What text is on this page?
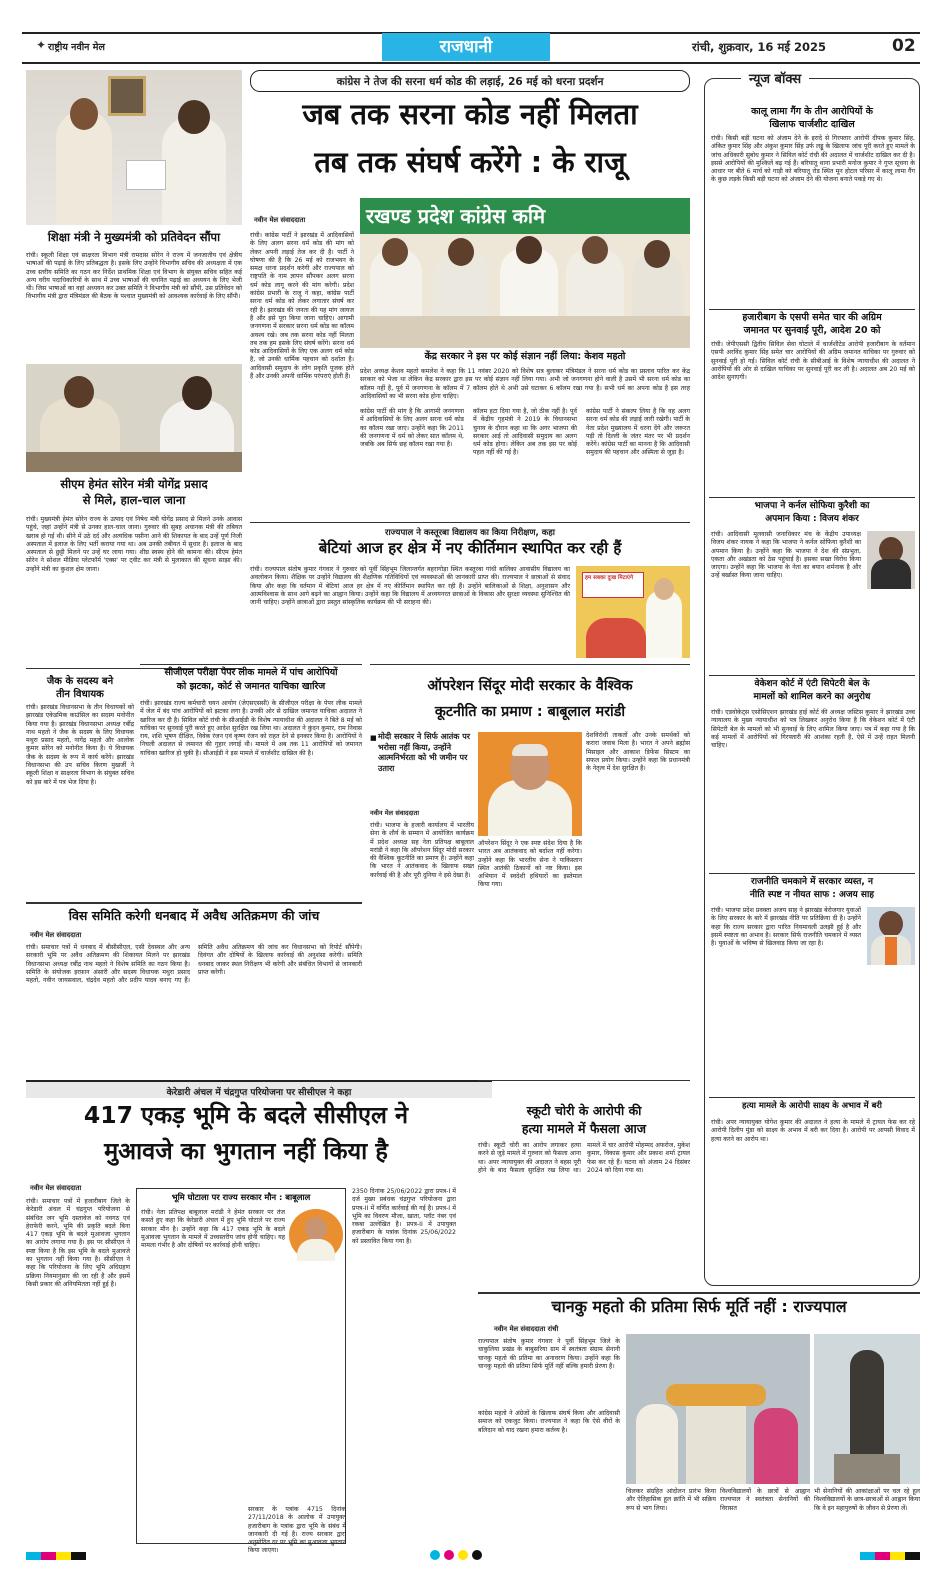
✦ राष्ट्रीय नवीन मेल	राजधानी	रांची, शुक्रवार, 16 मई 2025	02
शिक्षा मंत्री ने मुख्यमंत्री को प्रतिवेदन सौंपा
रांची। स्कूली शिक्षा एवं साक्षरता विभाग मंत्री रामदास सोरेन ने राज्य में जनजातीय एवं क्षेत्रीय भाषाओं की पढ़ाई के लिए प्रतिबद्धता है। इसके लिए उन्होंने विभागीय सचिव की अध्यक्षता में एक उच्च स्तरीय समिति का गठन कर निर्देश प्राथमिक शिक्षा एवं विभाग के संयुक्त सचिव सहित कई अन्य वरीय पदाधिकारियों के साथ में उच्च भाषाओं की चयनित पढ़ाई का अध्ययन के लिए भेजी थी। जिस भाषाओं का वहां अध्ययन कर उक्त समिति ने विभागीय मंत्री को सौंपी, उस प्रतिवेदन को विभागीय मंत्री द्वारा मंत्रिमंडल की बैठक के पश्चात मुख्यमंत्री को आवश्यक कार्रवाई के लिए सौंपी।
सीएम हेमंत सोरेन मंत्री योगेंद्र प्रसाद
से मिले, हाल-चाल जाना
रांची। मुख्यमंत्री हेमंत सोरेन राज्य के उत्पाद एवं निषेध मंत्री योगेंद्र प्रसाद से मिलने उनके आवास पहुंचे, जहां उन्होंने मंत्री से उनका हाल-चाल जाना। गुरुवार की सुबह अचानक मंत्री की तबियत खराब हो गई थी। सीने में उठे दर्द और अत्यधिक पसीना आने की शिकायत के बाद उन्हें पूर्ण निजी अस्पताल में इलाज के लिए भर्ती कराया गया था। अब उनकी तबीयत में सुधार है। इलाज के बाद अस्पताल से छुट्टी मिलने पर उन्हें घर लाया गया। शीघ्र स्वस्थ होने की कामना की। सीएम हेमंत सोरेन ने सोशल मीडिया प्लेटफॉर्म 'एक्स' पर ट्वीट कर मंत्री से मुलाकात की सूचना साझा की। उन्होंने मंत्री का कुशल क्षेम जाना।
जैक के सदस्य बने
तीन विधायक
रांची। झारखंड विधानसभा के तीन विधायकों को झारखंड एकेडमिक काउंसिल का सदस्य मनोनीत किया गया है। झारखंड विधानसभा अध्यक्ष रबींद्र नाथ महतो ने जैक के सदस्य के लिए विधायक मथुरा प्रसाद महतो, नागेंद्र महतो और आलोक कुमार सोरेन को मनोनीत किया है। ये विधायक जैक के सदस्य के रूप में कार्य करेंगे। झारखंड विधानसभा की उप सचिव किरण मुखर्जी ने स्कूली शिक्षा व साक्षरता विभाग के संयुक्त सचिव को इस बारे में पत्र भेज दिया है।
कांग्रेस ने तेज की सरना धर्म कोड की लड़ाई, 26 मई को धरना प्रदर्शन
जब तक सरना कोड नहीं मिलता
तब तक संघर्ष करेंगे : के राजू
नवीन मेल संवाददाता
रांची। कांग्रेस पार्टी ने झारखंड में आदिवासियों के लिए अलग सरना धर्म कोड की मांग को लेकर अपनी लड़ाई तेज कर दी है। पार्टी ने घोषणा की है कि 26 मई को राजभवन के समक्ष धरना प्रदर्शन करेगी और राज्यपाल को राष्ट्रपति के नाम ज्ञापन सौंपकर अलग सरना धर्म कोड लागू करने की मांग करेगी। प्रदेश कांग्रेस प्रभारी के राजू ने कहा, कांग्रेस पार्टी सरना धर्म कोड को लेकर लगातार संघर्ष कर रही है। झारखंड की जनता की यह मांग जायज है और इसे पूरा किया जाना चाहिए। आगामी जनगणना में सरकार सरना धर्म कोड का कॉलम अवश्य रखे। जब तक सरना कोड नहीं मिलता तब तक हम इसके लिए संघर्ष करेंगे। सरना धर्म कोड आदिवासियों के लिए एक अलग धर्म कोड है, जो उनकी धार्मिक पहचान को दर्शाता है। आदिवासी समुदाय के लोग प्रकृति पूजक होते हैं और उनकी अपनी धार्मिक परंपराएं होती हैं।
रखण्ड प्रदेश कांग्रेस कमि
केंद्र सरकार ने इस पर कोई संज्ञान नहीं लिया: केशव महतो
प्रदेश अध्यक्ष केशव महतो कमलेश ने कहा कि 11 नवंबर 2020 को विशेष सत्र बुलाकर मंत्रिमंडल ने सरना धर्म कोड का प्रस्ताव पारित कर केंद्र सरकार को भेजा था लेकिन केंद्र सरकार द्वारा इस पर कोई संज्ञान नहीं लिया गया। अभी जो जनगणना होने वाली है उसमें भी सरना धर्म कोड का कॉलम नहीं है, पूर्व में जनगणना के कॉलम में 7 कॉलम होते थे अभी उसे घटाकर 6 कॉलम रखा गया है। सभी धर्म का अपना कोड है इस तरह आदिवासियों का भी सरना कोड होना चाहिए।
कांग्रेस पार्टी की मांग है कि आगामी जनगणना में आदिवासियों के लिए अलग सरना धर्म कोड का कॉलम रखा जाए। उन्होंने कहा कि 2011 की जनगणना में धर्म को लेकर सात कॉलम थे, जबकि अब सिर्फ छह कॉलम रखा गया है।
कॉलम हटा दिया गया है, जो ठीक नहीं है। पूर्व में केंद्रीय गृहमंत्री ने 2019 के विधानसभा चुनाव के दौरान कहा था कि अगर भाजपा की सरकार आई तो आदिवासी समुदाय का अलग धर्म कोड होगा। लेकिन अब तक इस पर कोई पहल नहीं की गई है।
कांग्रेस पार्टी ने संकल्प लिया है कि वह अलग सरना धर्म कोड की लड़ाई जारी रखेगी। पार्टी के नेता प्रदेश मुख्यालय में धरना देंगे और जरूरत पड़ी तो दिल्ली के जंतर मंतर पर भी प्रदर्शन करेंगे। कांग्रेस पार्टी का मानना है कि आदिवासी समुदाय की पहचान और अस्मिता से जुड़ा है।
राज्यपाल ने कस्तूरबा विद्यालय का किया निरीक्षण, कहा
बेटियां आज हर क्षेत्र में नए कीर्तिमान स्थापित कर रही हैं
रांची। राज्यपाल संतोष कुमार गंगवार ने गुरुवार को पूर्वी सिंहभूम जिलान्तर्गत बहरागोड़ा स्थित कस्तूरबा गांधी बालिका आवासीय विद्यालय का अवलोकन किया। शैक्षिक पर उन्होंने विद्यालय की शैक्षणिक गतिविधियों एवं व्यवस्थाओं की जानकारी प्राप्त की। राज्यपाल ने छात्राओं से संवाद किया और कहा कि वर्तमान में बेटियां आज हर क्षेत्र में नए कीर्तिमान स्थापित कर रही हैं। उन्होंने बालिकाओं से शिक्षा, अनुशासन और आत्मविश्वास के साथ आगे बढ़ने का आह्वान किया। उन्होंने कहा कि विद्यालय में अध्ययनरत छात्राओं के विकास और सुरक्षा व्यवस्था सुनिश्चित की जानी चाहिए। उन्होंने छात्राओं द्वारा प्रस्तुत सांस्कृतिक कार्यक्रम की भी सराहना की।
हम सबका दुःख मिटाएंगे
सीजीएल परीक्षा पेपर लीक मामले में पांच आरोपियों
को झटका, कोर्ट से जमानत याचिका खारिज
रांची। झारखंड राज्य कर्मचारी चयन आयोग (जेएसएससी) के सीजीएल परीक्षा के पेपर लीक मामले में जेल में बंद पांच आरोपियों को झटका लगा है। उनकी ओर से दाखिल जमानत याचिका अदालत ने खारिज कर दी है। सिविल कोर्ट रांची के सीआईडी के विशेष न्यायाधीश की अदालत ने बिते 8 मई को याचिका पर सुनवाई पूरी करते हुए आदेश सुरक्षित रख लिया था। अदालत ने कुंदन कुमार, राम निवास राय, शशि भूषण दीक्षित, विवेक रंजन एवं कृष्ण रंजन को राहत देने से इनकार किया है। आरोपियों ने निचली अदालत से जमानत की गुहार लगाई थी। मामले में अब तक 11 आरोपियों को जमानत याचिका खारिज हो चुकी है। सीआईडी ने इस मामले में चार्जशीट दाखिल की है।
विस समिति करेगी धनबाद में अवैध अतिक्रमण की जांच
नवीन मेल संवाददाता
रांची। समाचार पत्रों में धनबाद में बीसीसीएल, एसी देवस्थल और अन्य सरकारी भूमि पर अवैध अतिक्रमण की शिकायत मिलने पर झारखंड विधानसभा अध्यक्ष रबींद्र नाथ महतो ने विशेष समिति का गठन किया है। समिति के संयोजक इरफ़ान अंसारी और सदस्य विधायक मथुरा प्रसाद महतो, नवीन जायसवाल, चंद्रदेव महतो और प्रदीप यादव बनाए गए हैं। समिति अवैध अतिक्रमण की जांच कर विधानसभा को रिपोर्ट सौंपेगी। दिवंगत और दोषियों के खिलाफ कार्रवाई की अनुशंसा करेगी। समिति धनबाद जाकर स्थल निरीक्षण भी करेगी और संबंधित विभागों से जानकारी प्राप्त करेगी।
ऑपरेशन सिंदूर मोदी सरकार के वैश्विक
कूटनीति का प्रमाण : बाबूलाल मरांडी
■ मोदी सरकार ने सिर्फ आतंक पर भरोसा नहीं किया, उन्होंने आत्मनिर्भरता को भी जमीन पर उतारा
नवीन मेल संवाददाता
रांची। भाजपा के हजारी कार्यालय में भारतीय सेना के शौर्य के सम्मान में आयोजित कार्यक्रम में प्रदेश अध्यक्ष सह नेता प्रतिपक्ष बाबूलाल मरांडी ने कहा कि ऑपरेशन सिंदूर मोदी सरकार की वैश्विक कूटनीति का प्रमाण है। उन्होंने कहा कि भारत ने आतंकवाद के खिलाफ सख्त कार्रवाई की है और पूरी दुनिया ने इसे देखा है।
ऑपरेशन सिंदूर ने एक स्पष्ट संदेश दिया है कि भारत अब आतंकवाद को बर्दाश्त नहीं करेगा। उन्होंने कहा कि भारतीय सेना ने पाकिस्तान स्थित आतंकी ठिकानों को नष्ट किया। इस अभियान में स्वदेशी हथियारों का इस्तेमाल किया गया।
देशविरोधी ताकतों और उनके समर्थकों को करारा जवाब मिला है। भारत ने अपने ब्रह्मोस मिसाइल और आकाश डिफेंस सिस्टम का सफल प्रयोग किया। उन्होंने कहा कि प्रधानमंत्री के नेतृत्व में देश सुरक्षित है।
केरेडारी अंचल में चंद्रगुप्त परियोजना पर सीसीएल ने कहा
417 एकड़ भूमि के बदले सीसीएल ने
मुआवजे का भुगतान नहीं किया है
नवीन मेल संवाददाता
रांची। समाचार पत्रों में हजारीबाग जिले के केरेडारी अंचल में चंद्रगुप्त परियोजना से संबंधित जन भूमि दस्तावेज को नवगठ एवं हेराफेरी करने, भूमि की प्रकृति बदले बिना 417 एकड़ भूमि के बदले मुआवजा भुगतान का आरोप लगाया गया है। इस पर सीसीएल ने स्पष्ट किया है कि इस भूमि के बदले मुआवजे का भुगतान नहीं किया गया है। सीसीएल ने कहा कि परियोजना के लिए भूमि अधिग्रहण प्रक्रिया नियमानुसार की जा रही है और इसमें किसी प्रकार की अनियमितता नहीं हुई है।
भूमि घोटाला पर राज्य सरकार मौन : बाबूलाल
रांची। नेता प्रतिपक्ष बाबूलाल मरांडी ने हेमंत सरकार पर तंज कसते हुए कहा कि केरेडारी अंचल में हुए भूमि घोटाले पर राज्य सरकार मौन है। उन्होंने कहा कि 417 एकड़ भूमि के बदले मुआवजा भुगतान के मामले में उच्चस्तरीय जांच होनी चाहिए। यह मामला गंभीर है और दोषियों पर कार्रवाई होनी चाहिए।
2350 दिनांक 25/06/2022 द्वारा प्रपत्र-I में दर्ज मुख्य प्रबंधक चंद्रगुप्त परियोजना द्वारा प्रपत्र-II में वर्णित कार्रवाई की गई है। प्रपत्र-I में भूमि का विवरण मौजा, खाता, प्लॉट नंबर एवं रकबा उल्लेखित है। प्रपत्र-II में उपायुक्त हजारीबाग के पत्रांक दिनांक 25/06/2022 को प्रस्तावित किया गया है।
सरकार के पत्रांक 4715 दिनांक 27/11/2018 के आलोक में उपायुक्त हजारीबाग के पत्रांक द्वारा भूमि के संबंध में जानकारी दी गई है। राज्य सरकार द्वारा अनुमोदित दर पर भूमि का मुआवजा भुगतान किया जाएगा।
स्कूटी चोरी के आरोपी की
हत्या मामले में फैसला आज
रांची। स्कूटी चोरी का आरोप लगाकर हत्या करने से जुड़े मामले में गुरुवार को फैसला आना था। अपर न्यायायुक्त की अदालत ने बहस पूरी होने के बाद फैसला सुरक्षित रख लिया था। मामले में चार आरोपी मोहम्मद अफरोज, मुकेश कुमार, विकास कुमार और प्रकाश शर्मा ट्रायल फेस कर रहे हैं। घटना को अंजाम 24 दिसंबर 2024 को दिया गया था।
चानकु महतो की प्रतिमा सिर्फ मूर्ति नहीं : राज्यपाल
नवीन मेल संवाददाता रांची
राज्यपाल संतोष कुमार गंगवार ने पूर्वी सिंहभूम जिले के चाकुलिया प्रखंड के बाबुसरिया ग्राम में स्वतंत्रता संग्राम सेनानी चानकु महतो की प्रतिमा का अनावरण किया। उन्होंने कहा कि चानकु महतो की प्रतिमा सिर्फ मूर्ति नहीं बल्कि हमारी प्रेरणा है।
कांग्रेस महतो ने अंग्रेजों के खिलाफ संघर्ष किया और आदिवासी समाज को एकजुट किया। राज्यपाल ने कहा कि ऐसे वीरों के बलिदान को याद रखना हमारा कर्तव्य है।
चिलकर संग्रहित आंदोलन प्रारंभ किया और ऐतिहासिक हूल क्रांति में भी सक्रिय रूप से भाग लिया।
विश्वविद्यालयों के छात्रों से आह्वान राज्यपाल ने स्वतंत्रता सेनानियों की विरासत
भी सेनानियों की आकांक्षाओं पर चल रहे हूल विश्वविद्यालयों के छात्र-छात्राओं से आह्वान किया कि वे इन महापुरुषों के जीवन से प्रेरणा लें।
न्यूज बॉक्स
कालू लामा गैंग के तीन आरोपियों के
खिलाफ चार्जशीट दाखिल
रांची। किसी बड़ी घटना को अंजाम देने के इरादे से गिरफ्तार आरोपी दीपक कुमार सिंह, अंकित कुमार सिंह और अंकुश कुमार सिंह उर्फ लड्डू के खिलाफ जांच पूरी करते हुए मामले के जांच अधिकारी सुबोध कुमार ने सिविल कोर्ट रांची की अदालत में चार्जशीट दाखिल कर दी है। इससे आरोपियों की मुश्किलें बढ़ गई हैं। बरियातू थाना प्रभारी मनोज कुमार ने गुप्त सूचना के आधार पर बीते 6 मार्च को गाड़ी को बरियातू रोड स्थित मून होटल परिसर में कालू लामा गैंग के कुछ लड़के किसी बड़ी घटना को अंजाम देने की योजना बनाते पकड़े गए थे।
हजारीबाग के एसपी समेत चार की अग्रिम
जमानत पर सुनवाई पूरी, आदेश 20 को
रांची। जेपीएससी द्वितीय सिविल सेवा घोटाले में चार्जशीटेड आरोपी हजारीबाग के वर्तमान एसपी अरविंद कुमार सिंह समेत चार आरोपियों की अग्रिम जमानत याचिका पर गुरुवार को सुनवाई पूरी हो गई। सिविल कोर्ट रांची के सीबीआई के विशेष न्यायाधीश की अदालत ने आरोपियों की ओर से दाखिल याचिका पर सुनवाई पूरी कर ली है। अदालत अब 20 मई को आदेश सुनाएगी।
भाजपा ने कर्नल सोफिया कुरैशी का
अपमान किया : विजय शंकर
रांची। आदिवासी मूलवासी जनाधिकार मंच के केंद्रीय उपाध्यक्ष विजय शंकर नायक ने कहा कि भाजपा ने कर्नल सोफिया कुरैशी का अपमान किया है। उन्होंने कहा कि भाजपा ने देश की संप्रभुता, एकता और अखंडता को ठेस पहुंचाई है। इसका सख्त विरोध किया जाएगा। उन्होंने कहा कि भाजपा के नेता का बयान शर्मनाक है और उन्हें बर्खास्त किया जाना चाहिए।
वेकेशन कोर्ट में एंटी सिपेटरी बेल के
मामलों को शामिल करने का अनुरोध
रांची। एडवोकेट्स एसोसिएशन झारखंड हाई कोर्ट की अध्यक्ष जस्टिस कुमार ने झारखंड उच्च न्यायालय के मुख्य न्यायाधीश को पत्र लिखकर अनुरोध किया है कि वेकेशन कोर्ट में एंटी सिपेटरी बेल के मामलों को भी सुनवाई के लिए शामिल किया जाए। पत्र में कहा गया है कि कई मामलों में आरोपियों को गिरफ्तारी की आशंका रहती है, ऐसे में उन्हें राहत मिलनी चाहिए।
राजनीति चमकाने में सरकार व्यस्त, न
नीति स्पष्ट न नीयत साफ : अजय साह
रांची। भाजपा प्रदेश प्रवक्ता अजय साह ने झारखंड बेरोजगार युवाओं के लिए सरकार के बारे में झारखंड नीति पर प्रतिक्रिया दी है। उन्होंने कहा कि राज्य सरकार द्वारा पारित नियमावली उलझी हुई है और इसमें स्पष्टता का अभाव है। सरकार सिर्फ राजनीति चमकाने में व्यस्त है। युवाओं के भविष्य से खिलवाड़ किया जा रहा है।
हत्या मामले के आरोपी साक्ष्य के अभाव में बरी
रांची। अपर न्यायायुक्त योगेश कुमार की अदालत ने हत्या के मामले में ट्रायल फेस कर रहे आरोपी दिलीप मुंडा को साक्ष्य के अभाव में बरी कर दिया है। आरोपी पर आपसी विवाद में हत्या करने का आरोप था।
